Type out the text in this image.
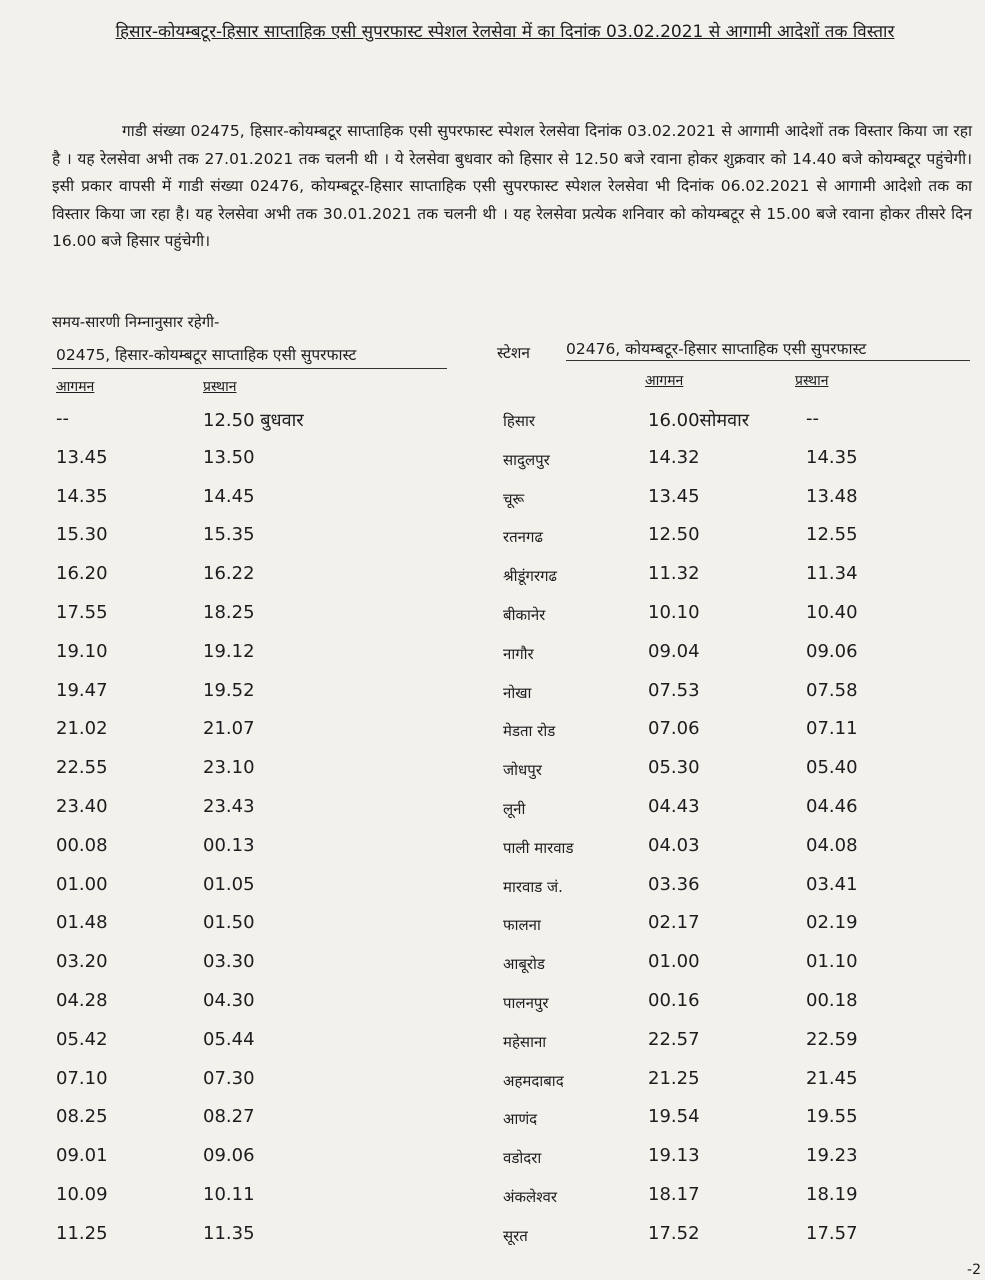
हिसार-कोयम्बटूर-हिसार साप्ताहिक एसी सुपरफास्ट स्पेशल रेलसेवा में का दिनांक 03.02.2021 से आगामी आदेशों तक विस्तार
गाडी संख्या 02475, हिसार-कोयम्बटूर साप्ताहिक एसी सुपरफास्ट स्पेशल रेलसेवा दिनांक 03.02.2021 से आगामी आदेशों तक विस्तार किया जा रहा है । यह रेलसेवा अभी तक 27.01.2021 तक चलनी थी । ये रेलसेवा बुधवार को हिसार से 12.50 बजे रवाना होकर शुक्रवार को 14.40 बजे कोयम्बटूर पहुंचेगी। इसी प्रकार वापसी में गाडी संख्या 02476, कोयम्बटूर-हिसार साप्ताहिक एसी सुपरफास्ट स्पेशल रेलसेवा भी दिनांक 06.02.2021 से आगामी आदेशो तक का विस्तार किया जा रहा है। यह रेलसेवा अभी तक 30.01.2021 तक चलनी थी । यह रेलसेवा प्रत्येक शनिवार को कोयम्बटूर से 15.00 बजे रवाना होकर तीसरे दिन 16.00 बजे हिसार पहुंचेगी।
समय-सारणी निम्नानुसार रहेगी-
02475, हिसार-कोयम्बटूर साप्ताहिक एसी सुपरफास्ट	स्टेशन 02476, कोयम्बटूर-हिसार साप्ताहिक एसी सुपरफास्ट
आगमन	प्रस्थान	आगमन	प्रस्थान
--	12.50 बुधवार	हिसार	16.00सोमवार	--
13.45	13.50	सादुलपुर	14.32	14.35
14.35	14.45	चूरू	13.45	13.48
15.30	15.35	रतनगढ	12.50	12.55
16.20	16.22	श्रीडूंगरगढ	11.32	11.34
17.55	18.25	बीकानेर	10.10	10.40
19.10	19.12	नागौर	09.04	09.06
19.47	19.52	नोखा	07.53	07.58
21.02	21.07	मेडता रोड	07.06	07.11
22.55	23.10	जोधपुर	05.30	05.40
23.40	23.43	लूनी	04.43	04.46
00.08	00.13	पाली मारवाड	04.03	04.08
01.00	01.05	मारवाड जं.	03.36	03.41
01.48	01.50	फालना	02.17	02.19
03.20	03.30	आबूरोड	01.00	01.10
04.28	04.30	पालनपुर	00.16	00.18
05.42	05.44	महेसाना	22.57	22.59
07.10	07.30	अहमदाबाद	21.25	21.45
08.25	08.27	आणंद	19.54	19.55
09.01	09.06	वडोदरा	19.13	19.23
10.09	10.11	अंकलेश्वर	18.17	18.19
11.25	11.35	सूरत	17.52	17.57
-2
